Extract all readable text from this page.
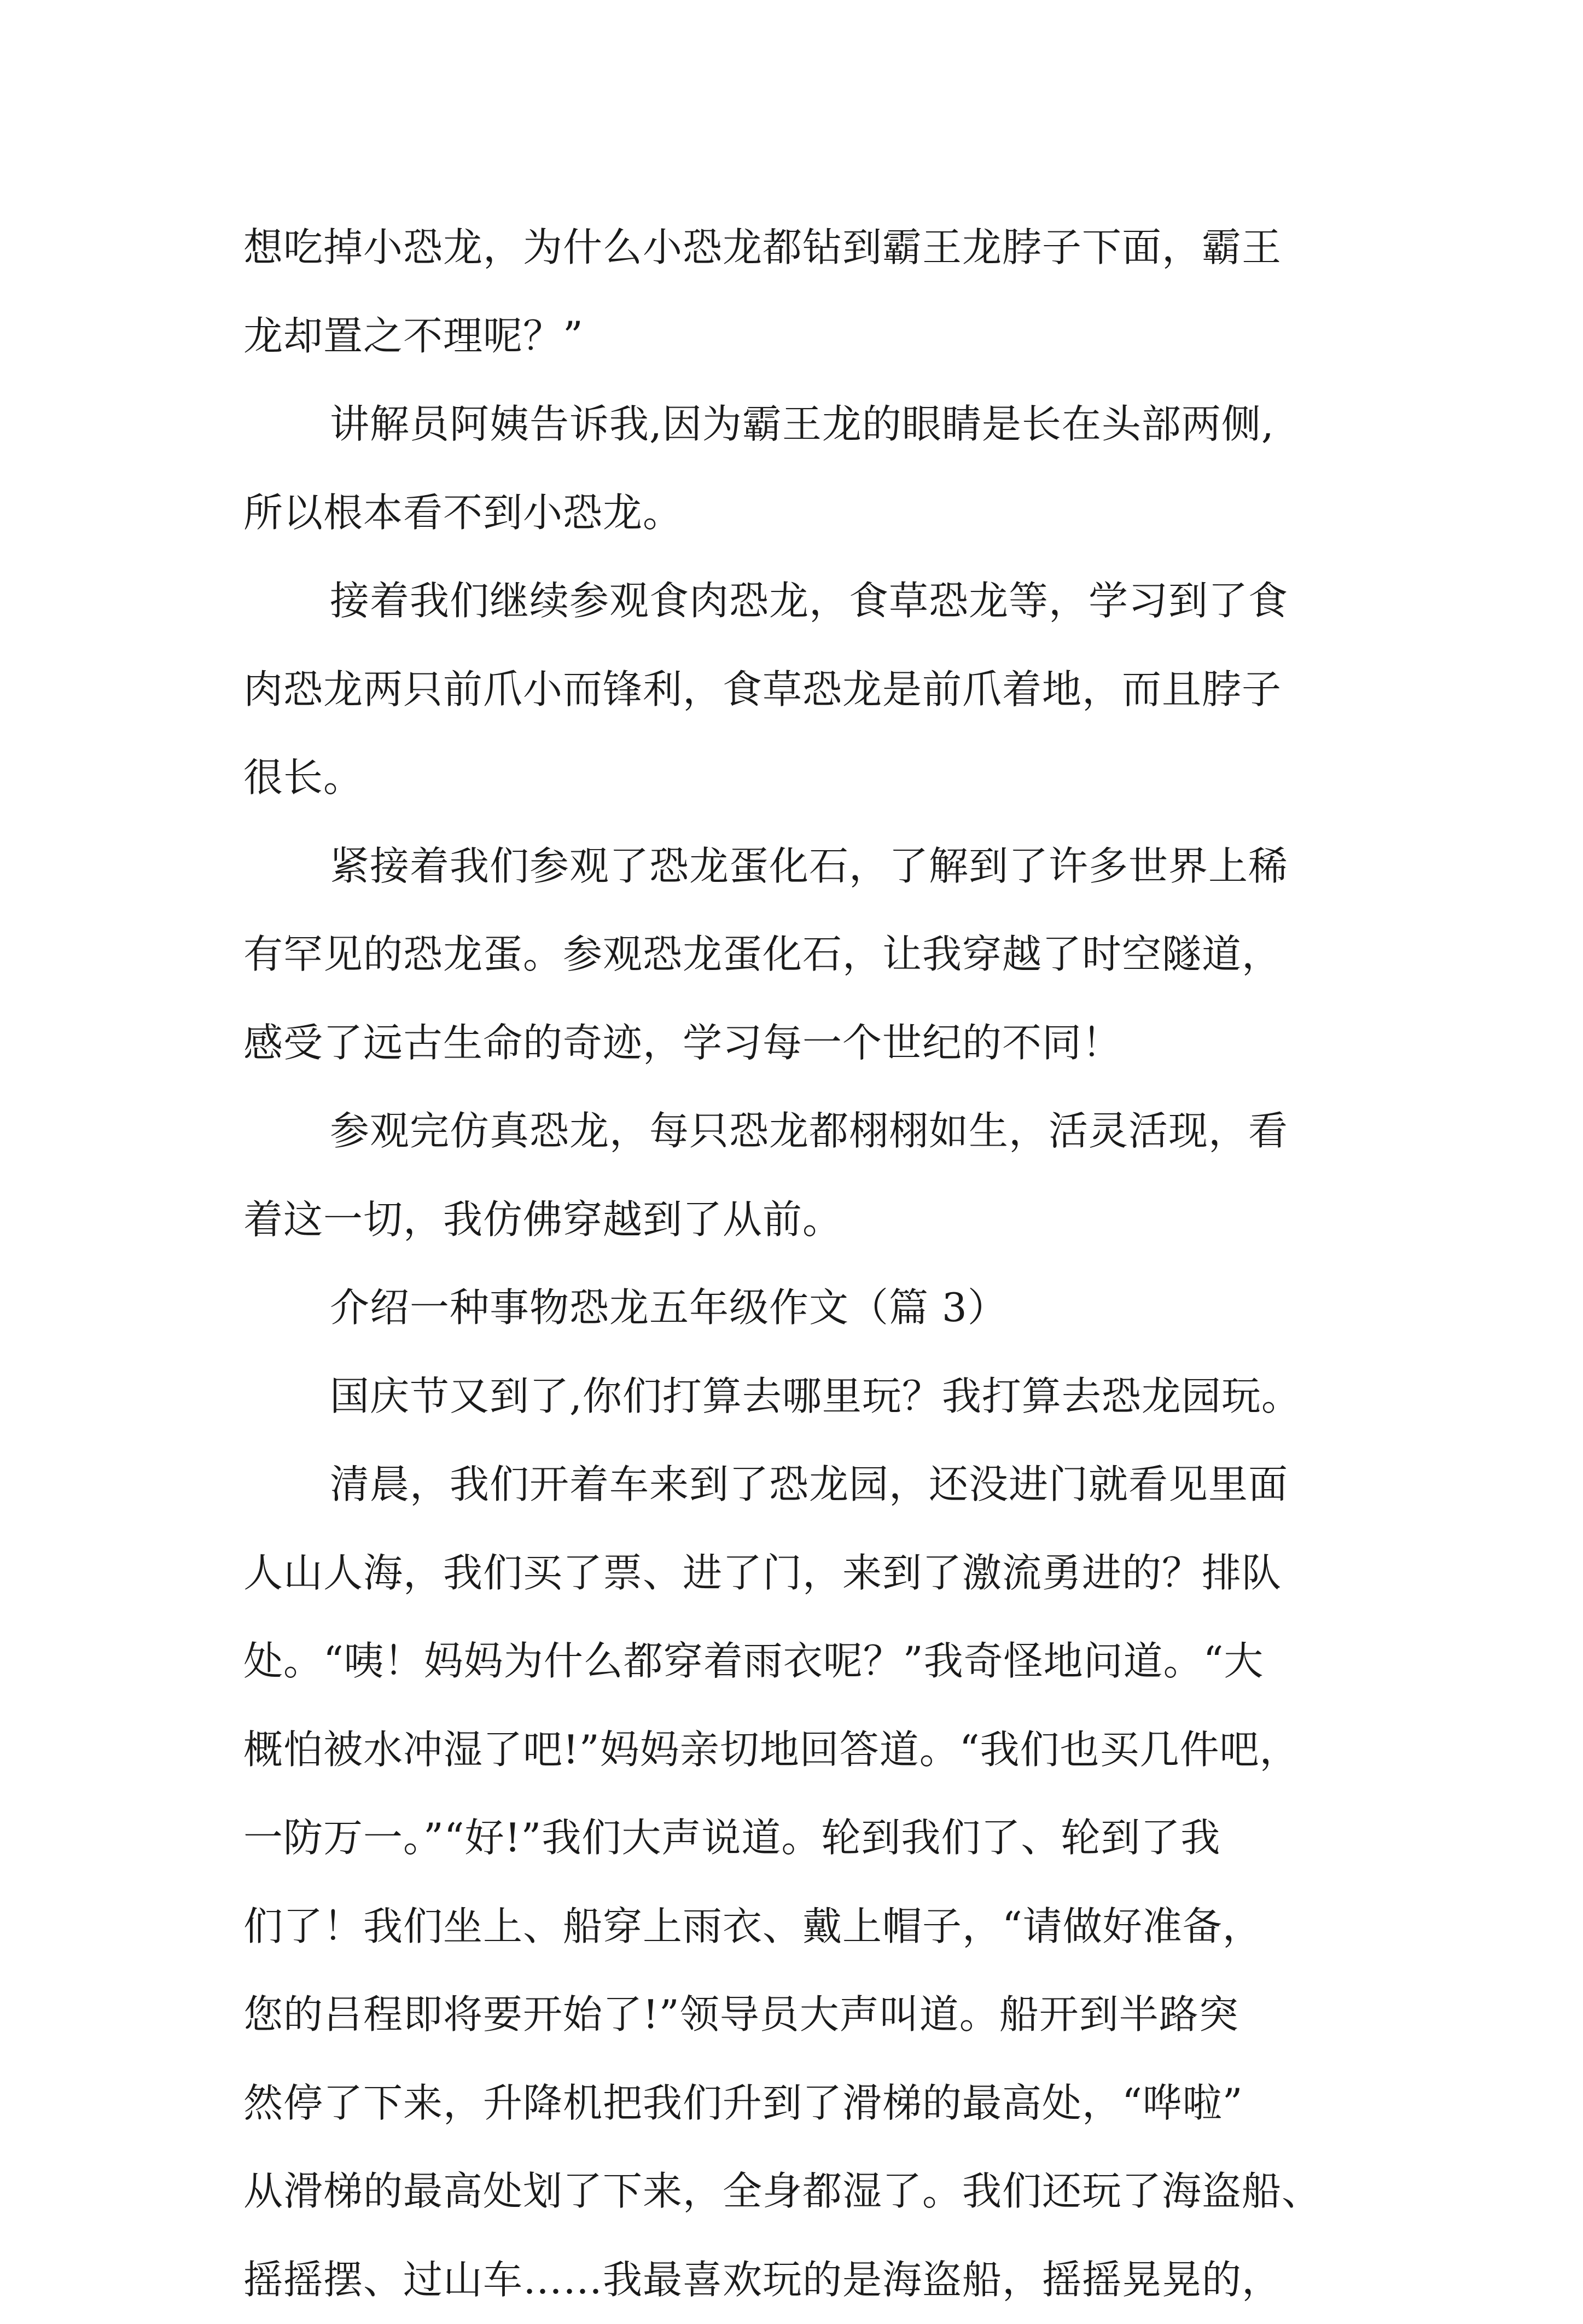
想吃掉小恐龙，为什么小恐龙都钻到霸王龙脖子下面，霸王
龙却置之不理呢？”
讲解员阿姨告诉我,因为霸王龙的眼睛是长在头部两侧,
所以根本看不到小恐龙。
接着我们继续参观食肉恐龙，食草恐龙等，学习到了食
肉恐龙两只前爪小而锋利，食草恐龙是前爪着地，而且脖子
很长。
紧接着我们参观了恐龙蛋化石，了解到了许多世界上稀
有罕见的恐龙蛋。参观恐龙蛋化石，让我穿越了时空隧道，
感受了远古生命的奇迹，学习每一个世纪的不同！
参观完仿真恐龙，每只恐龙都栩栩如生，活灵活现，看
着这一切，我仿佛穿越到了从前。
介绍一种事物恐龙五年级作文（篇 3）
国庆节又到了,你们打算去哪里玩？我打算去恐龙园玩。
清晨，我们开着车来到了恐龙园，还没进门就看见里面
人山人海，我们买了票、进了门，来到了激流勇进的？排队
处。“咦！妈妈为什么都穿着雨衣呢？”我奇怪地问道。“大
概怕被水冲湿了吧!”妈妈亲切地回答道。“我们也买几件吧，
一防万一。”“好!”我们大声说道。轮到我们了、轮到了我
们了！我们坐上、船穿上雨衣、戴上帽子，“请做好准备，
您的吕程即将要开始了!”领导员大声叫道。船开到半路突
然停了下来，升降机把我们升到了滑梯的最高处，“哗啦”
从滑梯的最高处划了下来，全身都湿了。我们还玩了海盗船、
摇摇摆、过山车……我最喜欢玩的是海盗船，摇摇晃晃的，
